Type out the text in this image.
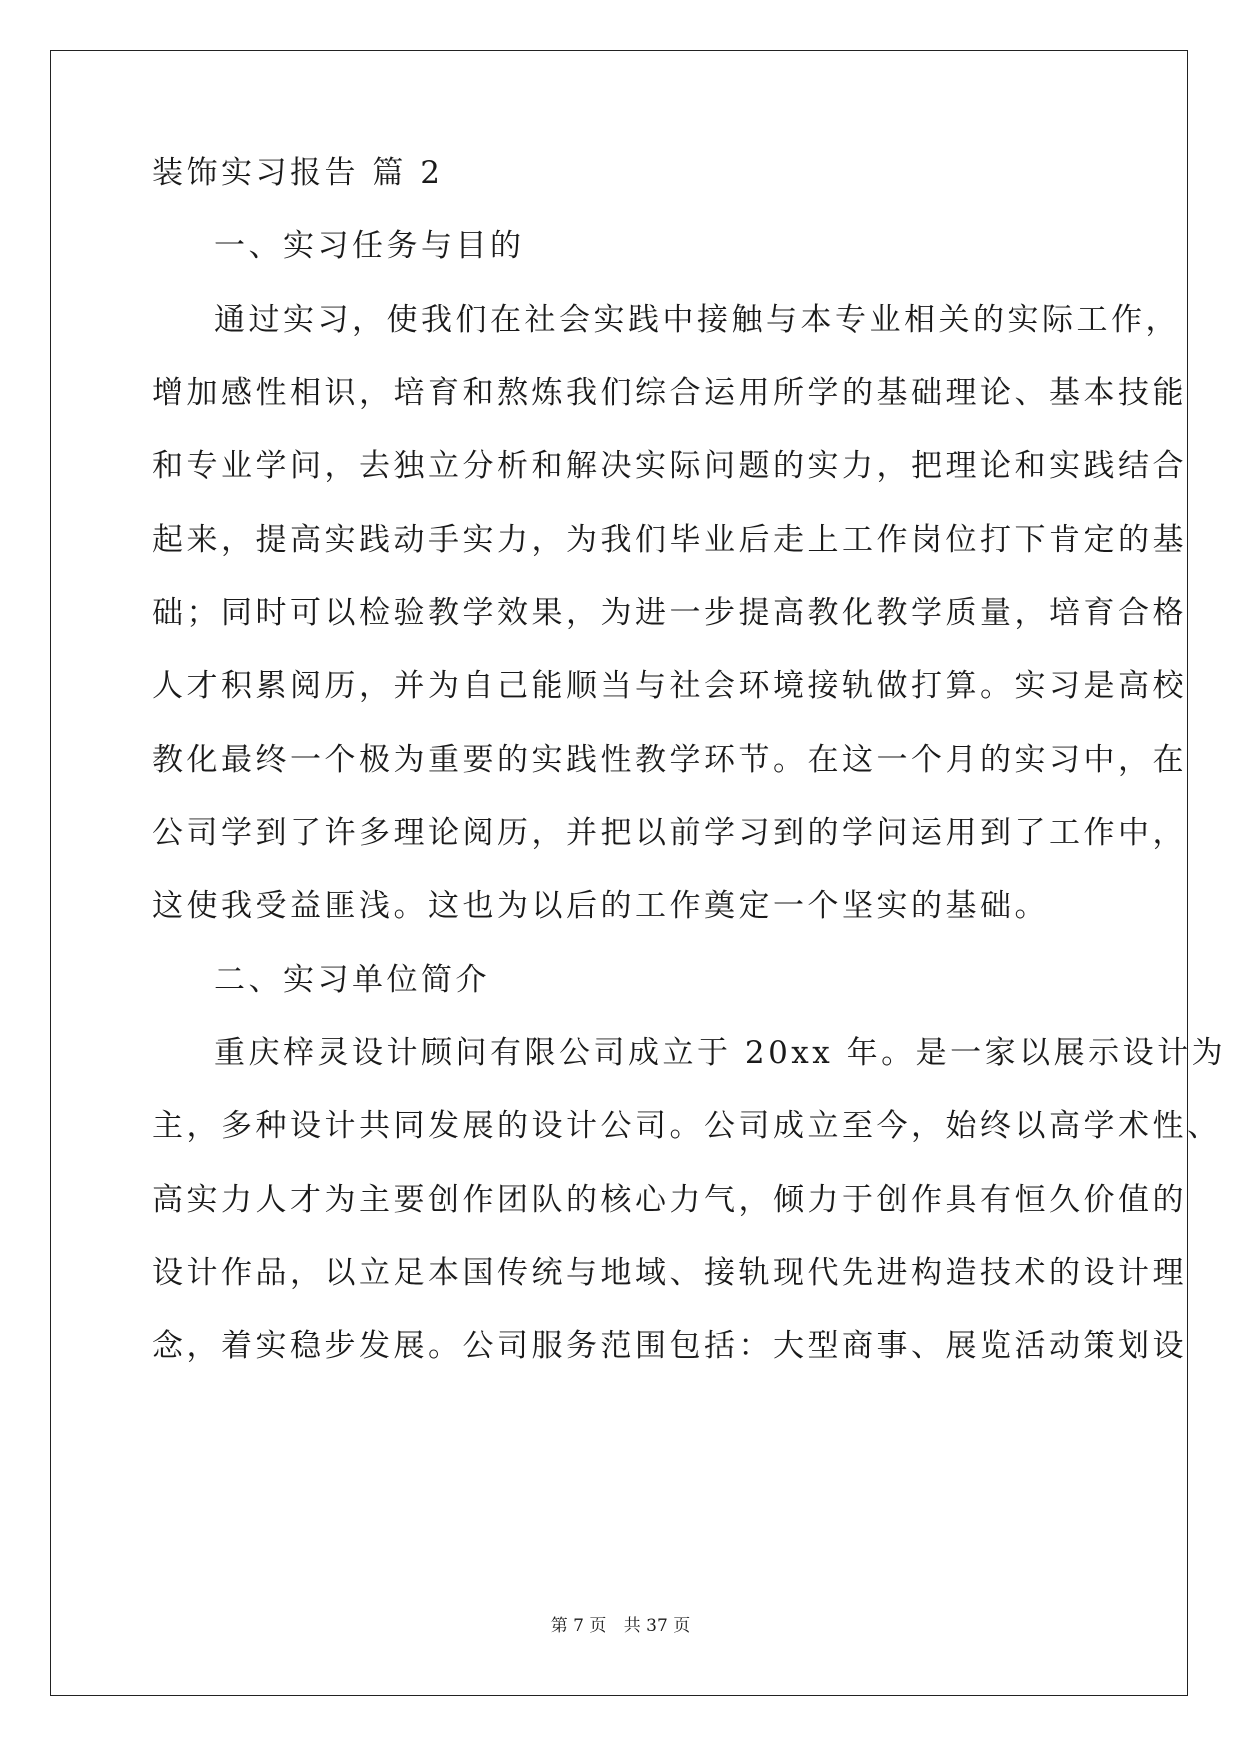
装饰实习报告 篇 2
一、实习任务与目的
通过实习，使我们在社会实践中接触与本专业相关的实际工作，
增加感性相识，培育和熬炼我们综合运用所学的基础理论、基本技能
和专业学问，去独立分析和解决实际问题的实力，把理论和实践结合
起来，提高实践动手实力，为我们毕业后走上工作岗位打下肯定的基
础；同时可以检验教学效果，为进一步提高教化教学质量，培育合格
人才积累阅历，并为自己能顺当与社会环境接轨做打算。实习是高校
教化最终一个极为重要的实践性教学环节。在这一个月的实习中，在
公司学到了许多理论阅历，并把以前学习到的学问运用到了工作中，
这使我受益匪浅。这也为以后的工作奠定一个坚实的基础。
二、实习单位简介
重庆梓灵设计顾问有限公司成立于 20xx 年。是一家以展示设计为
主，多种设计共同发展的设计公司。公司成立至今，始终以高学术性、
高实力人才为主要创作团队的核心力气，倾力于创作具有恒久价值的
设计作品，以立足本国传统与地域、接轨现代先进构造技术的设计理
念，着实稳步发展。公司服务范围包括：大型商事、展览活动策划设
第 7 页 共 37 页
